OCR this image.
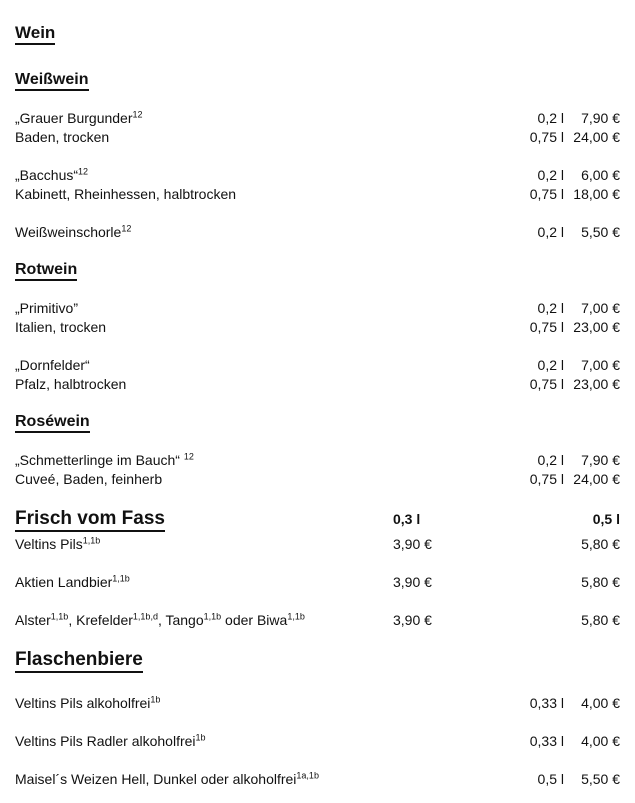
Wein
Weißwein
„Grauer Burgunder$^{12}$
Baden, trocken
0,2 l	7,90 €
0,75 l 24,00 €
„Bacchus“$^{12}$
Kabinett, Rheinhessen, halbtrocken
0,2 l	6,00 €
0,75 l 18,00 €
Weißweinschorle$^{12}$	0,2 l	5,50 €
Rotwein
„Primitivo”
Italien, trocken
0,2 l	7,00 €
0,75 l 23,00 €
„Dornfelder“
Pfalz, halbtrocken
0,2 l	7,00 €
0,75 l 23,00 €
Roséwein
„Schmetterlinge im Bauch“ $^{12}$
Cuveé, Baden, feinherb
0,2 l	7,90 €
0,75 l 24,00 €
Frisch vom Fass	0,3 l	0,5 l
Veltins Pils$^{1,1b}$	3,90 €	5,80 €
Aktien Landbier$^{1,1b}$	3,90 €	5,80 €
Alster$^{1,1b}$, Krefelder$^{1,1b,d}$, Tango$^{1,1b}$ oder Biwa$^{1,1b}$	3,90 €	5,80 €
Flaschenbiere
Veltins Pils alkoholfrei$^{1b}$	0,33 l	4,00 €
Veltins Pils Radler alkoholfrei$^{1b}$	0,33 l	4,00 €
Maisel´s Weizen Hell, Dunkel oder alkoholfrei$^{1a,1b}$	0,5 l	5,50 €
